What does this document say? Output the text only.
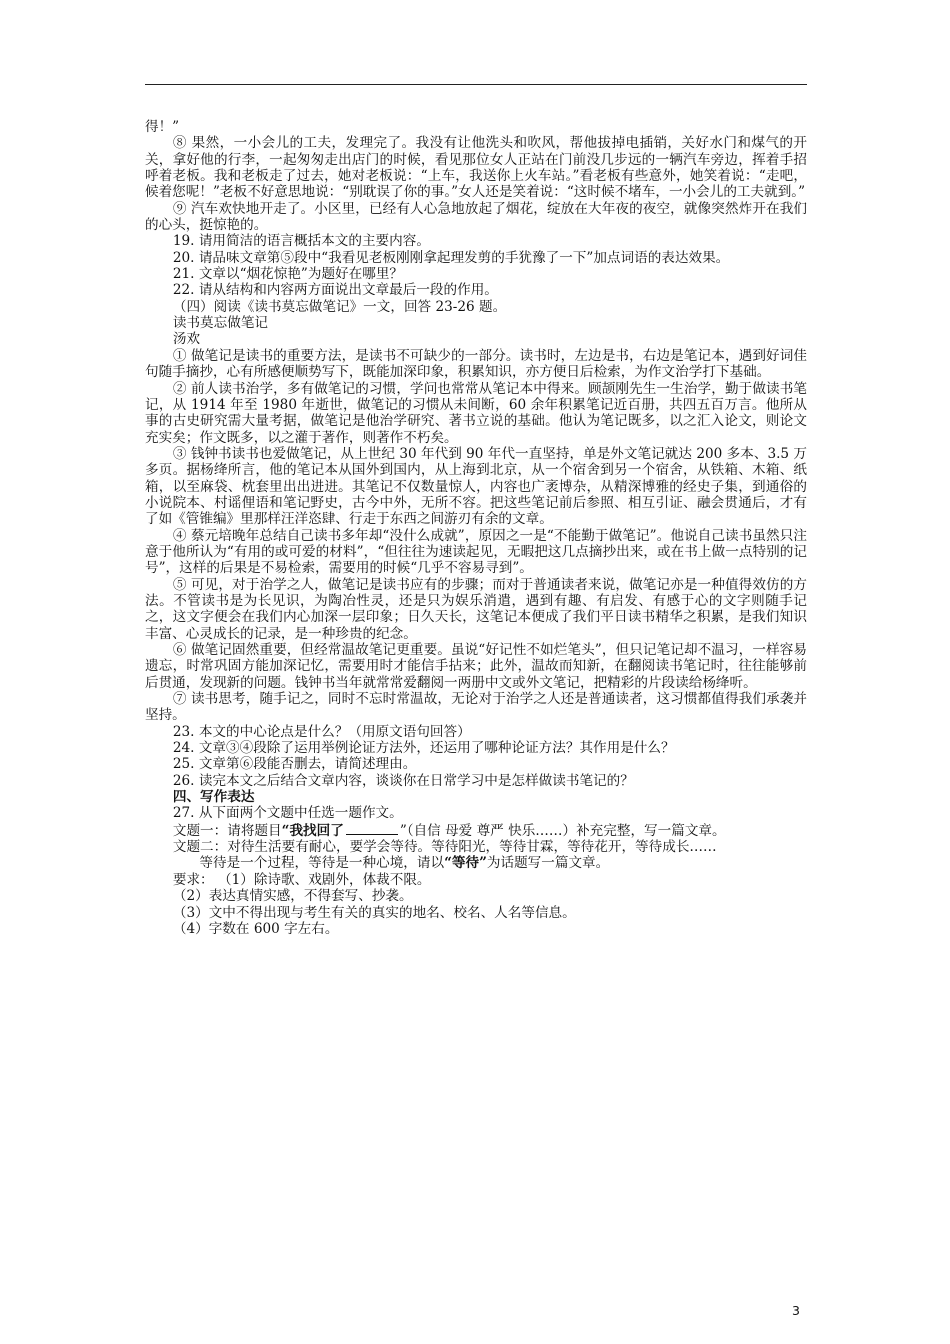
得！”

⑧ 果然，一小会儿的工夫，发理完了。我没有让他洗头和吹风，帮他拔掉电插销，关好水门和煤气的开关，拿好他的行李，一起匆匆走出店门的时候，看见那位女人正站在门前没几步远的一辆汽车旁边，挥着手招呼着老板。我和老板走了过去，她对老板说：“上车，我送你上火车站。”看老板有些意外，她笑着说：“走吧，候着您呢！”老板不好意思地说：“别耽误了你的事。”女人还是笑着说：“这时候不堵车，一小会儿的工夫就到。”

⑨ 汽车欢快地开走了。小区里，已经有人心急地放起了烟花，绽放在大年夜的夜空，就像突然炸开在我们的心头，挺惊艳的。

19. 请用简洁的语言概括本文的主要内容。

20. 请品味文章第⑤段中“我看见老板刚刚拿起理发剪的手犹豫了一下”加点词语的表达效果。

21. 文章以“烟花惊艳”为题好在哪里？

22. 请从结构和内容两方面说出文章最后一段的作用。

（四）阅读《读书莫忘做笔记》一文，回答 23-26 题。

读书莫忘做笔记

汤欢

① 做笔记是读书的重要方法，是读书不可缺少的一部分。读书时，左边是书，右边是笔记本，遇到好词佳句随手摘抄，心有所感便顺势写下，既能加深印象，积累知识，亦方便日后检索，为作文治学打下基础。

② 前人读书治学，多有做笔记的习惯，学问也常常从笔记本中得来。顾颉刚先生一生治学，勤于做读书笔记，从 1914 年至 1980 年逝世，做笔记的习惯从未间断，60 余年积累笔记近百册，共四五百万言。他所从事的古史研究需大量考据，做笔记是他治学研究、著书立说的基础。他认为笔记既多，以之汇入论文，则论文充实矣；作文既多，以之灌于著作，则著作不朽矣。

③ 钱钟书读书也爱做笔记，从上世纪 30 年代到 90 年代一直坚持，单是外文笔记就达 200 多本、3.5 万多页。据杨绛所言，他的笔记本从国外到国内，从上海到北京，从一个宿舍到另一个宿舍，从铁箱、木箱、纸箱，以至麻袋、枕套里出出进进。其笔记不仅数量惊人，内容也广袤博杂，从精深博雅的经史子集，到通俗的小说院本、村谣俚语和笔记野史，古今中外，无所不容。把这些笔记前后参照、相互引证、融会贯通后，才有了如《管锥编》里那样汪洋恣肆、行走于东西之间游刃有余的文章。

④ 蔡元培晚年总结自己读书多年却“没什么成就”，原因之一是“不能勤于做笔记”。他说自己读书虽然只注意于他所认为“有用的或可爱的材料”，“但往往为速读起见，无暇把这几点摘抄出来，或在书上做一点特别的记号”，这样的后果是不易检索，需要用的时候“几乎不容易寻到”。

⑤ 可见，对于治学之人，做笔记是读书应有的步骤；而对于普通读者来说，做笔记亦是一种值得效仿的方法。不管读书是为长见识，为陶冶性灵，还是只为娱乐消遣，遇到有趣、有启发、有感于心的文字则随手记之，这文字便会在我们内心加深一层印象；日久天长，这笔记本便成了我们平日读书精华之积累，是我们知识丰富、心灵成长的记录，是一种珍贵的纪念。

⑥ 做笔记固然重要，但经常温故笔记更重要。虽说“好记性不如烂笔头”，但只记笔记却不温习，一样容易遗忘，时常巩固方能加深记忆，需要用时才能信手拈来；此外，温故而知新，在翻阅读书笔记时，往往能够前后贯通，发现新的问题。钱钟书当年就常常爱翻阅一两册中文或外文笔记，把精彩的片段读给杨绛听。

⑦ 读书思考，随手记之，同时不忘时常温故，无论对于治学之人还是普通读者，这习惯都值得我们承袭并坚持。

23. 本文的中心论点是什么？（用原文语句回答）

24. 文章③④段除了运用举例论证方法外，还运用了哪种论证方法？其作用是什么？

25. 文章第⑥段能否删去，请简述理由。

26. 读完本文之后结合文章内容，谈谈你在日常学习中是怎样做读书笔记的？

四、写作表达

27. 从下面两个文题中任选一题作文。

文题一：请将题目“我找回了	”（自信 母爱 尊严 快乐……）补充完整，写一篇文章。

文题二：对待生活要有耐心，要学会等待。等待阳光，等待甘霖，等待花开，等待成长……

等待是一个过程，等待是一种心境，请以“等待”为话题写一篇文章。

要求： （1）除诗歌、戏剧外，体裁不限。

（2）表达真情实感，不得套写、抄袭。

（3）文中不得出现与考生有关的真实的地名、校名、人名等信息。

（4）字数在 600 字左右。

3
